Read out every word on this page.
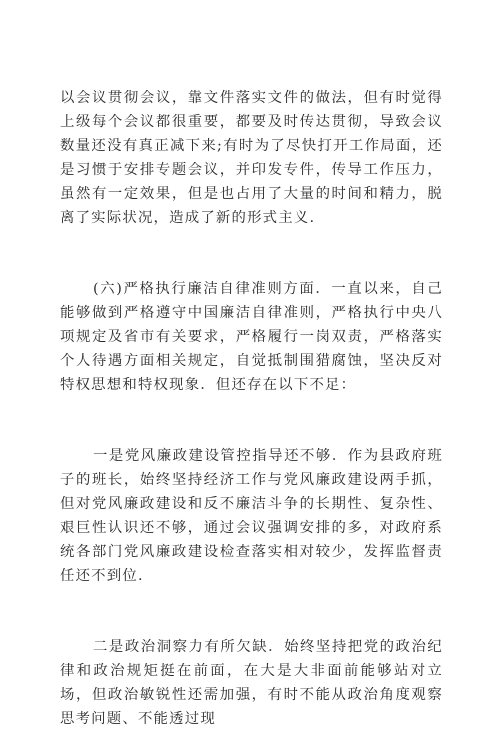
以会议贯彻会议，靠文件落实文件的做法，但有时觉得上级每个会议都很重要，都要及时传达贯彻，导致会议数量还没有真正减下来;有时为了尽快打开工作局面，还是习惯于安排专题会议，并印发专件，传导工作压力，虽然有一定效果，但是也占用了大量的时间和精力，脱离了实际状况，造成了新的形式主义.

(六)严格执行廉洁自律准则方面．一直以来，自己能够做到严格遵守中国廉洁自律准则，严格执行中央八项规定及省市有关要求，严格履行一岗双责，严格落实个人待遇方面相关规定，自觉抵制围猎腐蚀，坚决反对特权思想和特权现象．但还存在以下不足：

一是党风廉政建设管控指导还不够．作为县政府班子的班长，始终坚持经济工作与党风廉政建设两手抓，但对党风廉政建设和反不廉洁斗争的长期性、复杂性、艰巨性认识还不够，通过会议强调安排的多，对政府系统各部门党风廉政建设检查落实相对较少，发挥监督责任还不到位.

二是政治洞察力有所欠缺．始终坚持把党的政治纪律和政治规矩挺在前面，在大是大非面前能够站对立场，但政治敏锐性还需加强，有时不能从政治角度观察思考问题、不能透过现
